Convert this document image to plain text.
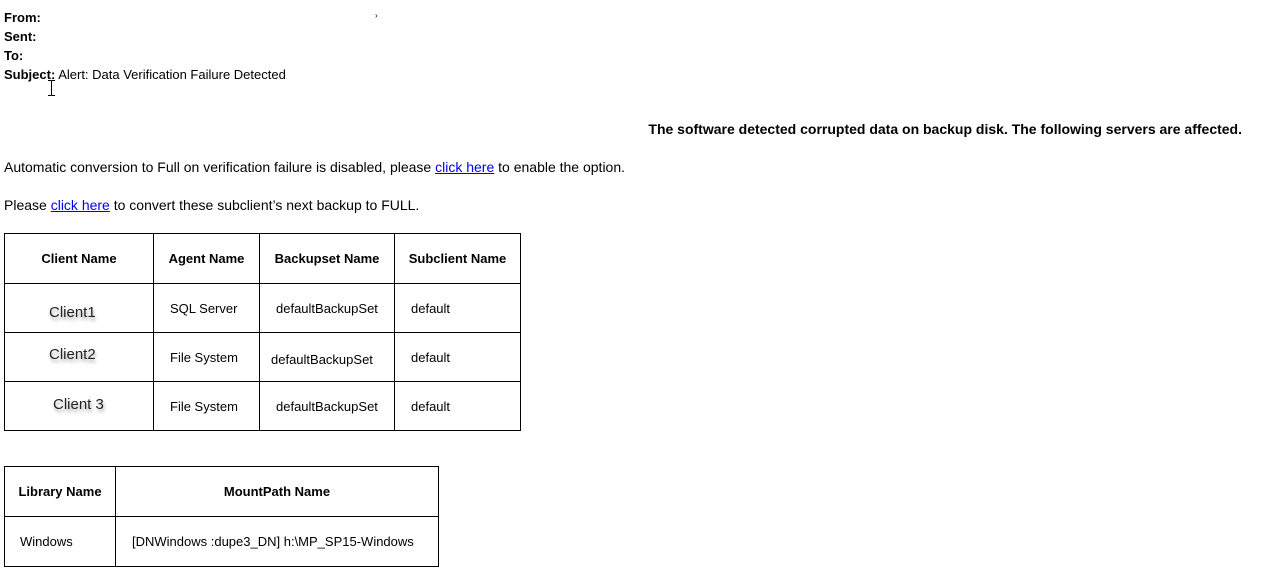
From:	›
Sent:
To:
Subject: Alert: Data Verification Failure Detected
The software detected corrupted data on backup disk. The following servers are affected.
Automatic conversion to Full on verification failure is disabled, please click here to enable the option.
Please click here to convert these subclient’s next backup to FULL.
Client Name	Agent Name	Backupset Name	Subclient Name
Client1	SQL Server	defaultBackupSet	default
Client2	File System	defaultBackupSet	default
Client 3	File System	defaultBackupSet	default
Library Name	MountPath Name
Windows	[DNWindows :dupe3_DN] h:\MP_SP15-Windows
